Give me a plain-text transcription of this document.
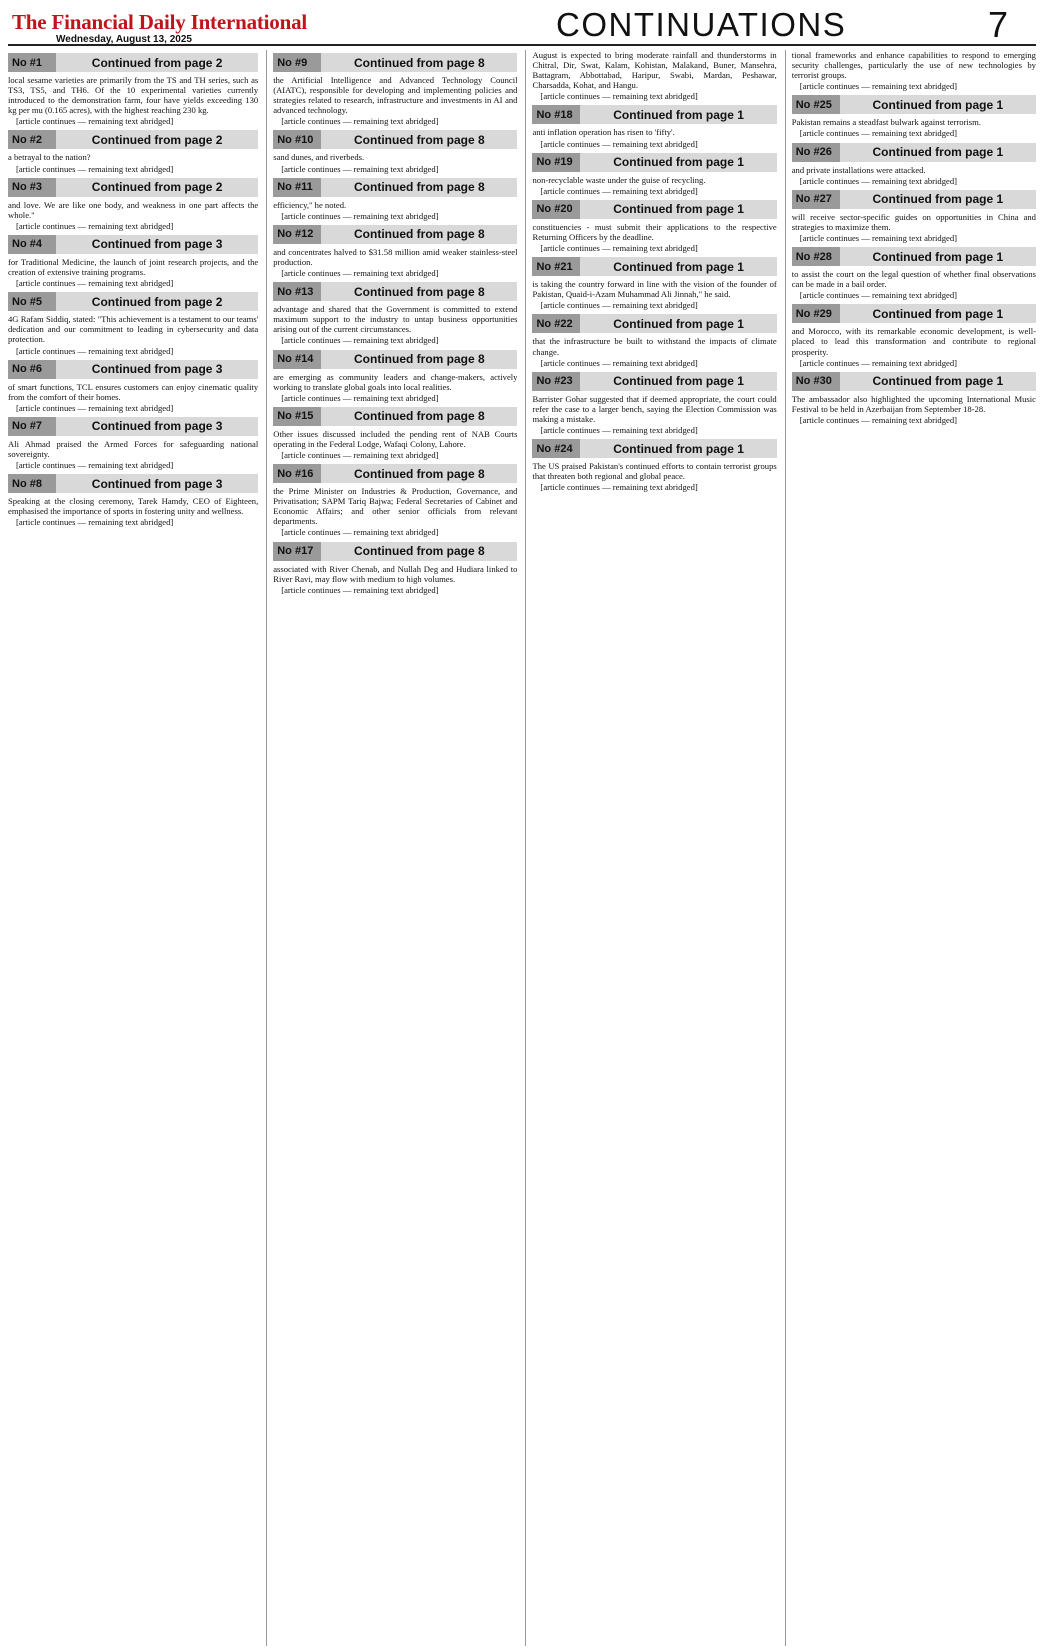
The Financial Daily International
Wednesday, August 13, 2025	CONTINUATIONS	7
No #1	Continued from page 2

local sesame varieties are primarily from the TS and TH series, such as TS3, TS5, and TH6. Of the 10 experimental varieties currently introduced to the demonstration farm, four have yields exceeding 130 kg per mu (0.165 acres), with the highest reaching 230 kg.

[article continues — remaining text abridged]

No #2	Continued from page 2

a betrayal to the nation?

[article continues — remaining text abridged]

No #3	Continued from page 2

and love. We are like one body, and weakness in one part affects the whole."

[article continues — remaining text abridged]

No #4	Continued from page 3

for Traditional Medicine, the launch of joint research projects, and the creation of extensive training programs.

[article continues — remaining text abridged]

No #5	Continued from page 2

4G Rafam Siddiq, stated: "This achievement is a testament to our teams' dedication and our commitment to leading in cybersecurity and data protection.

[article continues — remaining text abridged]

No #6	Continued from page 3

of smart functions, TCL ensures customers can enjoy cinematic quality from the comfort of their homes.

[article continues — remaining text abridged]

No #7	Continued from page 3

Ali Ahmad praised the Armed Forces for safeguarding national sovereignty.

[article continues — remaining text abridged]

No #8	Continued from page 3

Speaking at the closing ceremony, Tarek Hamdy, CEO of Eighteen, emphasised the importance of sports in fostering unity and wellness.

[article continues — remaining text abridged]

No #9	Continued from page 8

the Artificial Intelligence and Advanced Technology Council (AIATC), responsible for developing and implementing policies and strategies related to research, infrastructure and investments in AI and advanced technology.

[article continues — remaining text abridged]

No #10	Continued from page 8

sand dunes, and riverbeds.

[article continues — remaining text abridged]

No #11	Continued from page 8

efficiency," he noted.

[article continues — remaining text abridged]

No #12	Continued from page 8

and concentrates halved to $31.58 million amid weaker stainless-steel production.

[article continues — remaining text abridged]

No #13	Continued from page 8

advantage and shared that the Government is committed to extend maximum support to the industry to untap business opportunities arising out of the current circumstances.

[article continues — remaining text abridged]

No #14	Continued from page 8

are emerging as community leaders and change-makers, actively working to translate global goals into local realities.

[article continues — remaining text abridged]

No #15	Continued from page 8

Other issues discussed included the pending rent of NAB Courts operating in the Federal Lodge, Wafaqi Colony, Lahore.

[article continues — remaining text abridged]

No #16	Continued from page 8

the Prime Minister on Industries & Production, Governance, and Privatisation; SAPM Tariq Bajwa; Federal Secretaries of Cabinet and Economic Affairs; and other senior officials from relevant departments.

[article continues — remaining text abridged]

No #17	Continued from page 8

associated with River Chenab, and Nullah Deg and Hudiara linked to River Ravi, may flow with medium to high volumes.

[article continues — remaining text abridged]

August is expected to bring moderate rainfall and thunderstorms in Chitral, Dir, Swat, Kalam, Kohistan, Malakand, Buner, Mansehra, Battagram, Abbottabad, Haripur, Swabi, Mardan, Peshawar, Charsadda, Kohat, and Hangu.

[article continues — remaining text abridged]

No #18	Continued from page 1

anti inflation operation has risen to 'fifty'.

[article continues — remaining text abridged]

No #19	Continued from page 1

non-recyclable waste under the guise of recycling.

[article continues — remaining text abridged]

No #20	Continued from page 1

constituencies - must submit their applications to the respective Returning Officers by the deadline.

[article continues — remaining text abridged]

No #21	Continued from page 1

is taking the country forward in line with the vision of the founder of Pakistan, Quaid-i-Azam Muhammad Ali Jinnah," he said.

[article continues — remaining text abridged]

No #22	Continued from page 1

that the infrastructure be built to withstand the impacts of climate change.

[article continues — remaining text abridged]

No #23	Continued from page 1

Barrister Gohar suggested that if deemed appropriate, the court could refer the case to a larger bench, saying the Election Commission was making a mistake.

[article continues — remaining text abridged]

No #24	Continued from page 1

The US praised Pakistan's continued efforts to contain terrorist groups that threaten both regional and global peace.

[article continues — remaining text abridged]

tional frameworks and enhance capabilities to respond to emerging security challenges, particularly the use of new technologies by terrorist groups.

[article continues — remaining text abridged]

No #25	Continued from page 1

Pakistan remains a steadfast bulwark against terrorism.

[article continues — remaining text abridged]

No #26	Continued from page 1

and private installations were attacked.

[article continues — remaining text abridged]

No #27	Continued from page 1

will receive sector-specific guides on opportunities in China and strategies to maximize them.

[article continues — remaining text abridged]

No #28	Continued from page 1

to assist the court on the legal question of whether final observations can be made in a bail order.

[article continues — remaining text abridged]

No #29	Continued from page 1

and Morocco, with its remarkable economic development, is well-placed to lead this transformation and contribute to regional prosperity.

[article continues — remaining text abridged]

No #30	Continued from page 1

The ambassador also highlighted the upcoming International Music Festival to be held in Azerbaijan from September 18-28.

[article continues — remaining text abridged]
